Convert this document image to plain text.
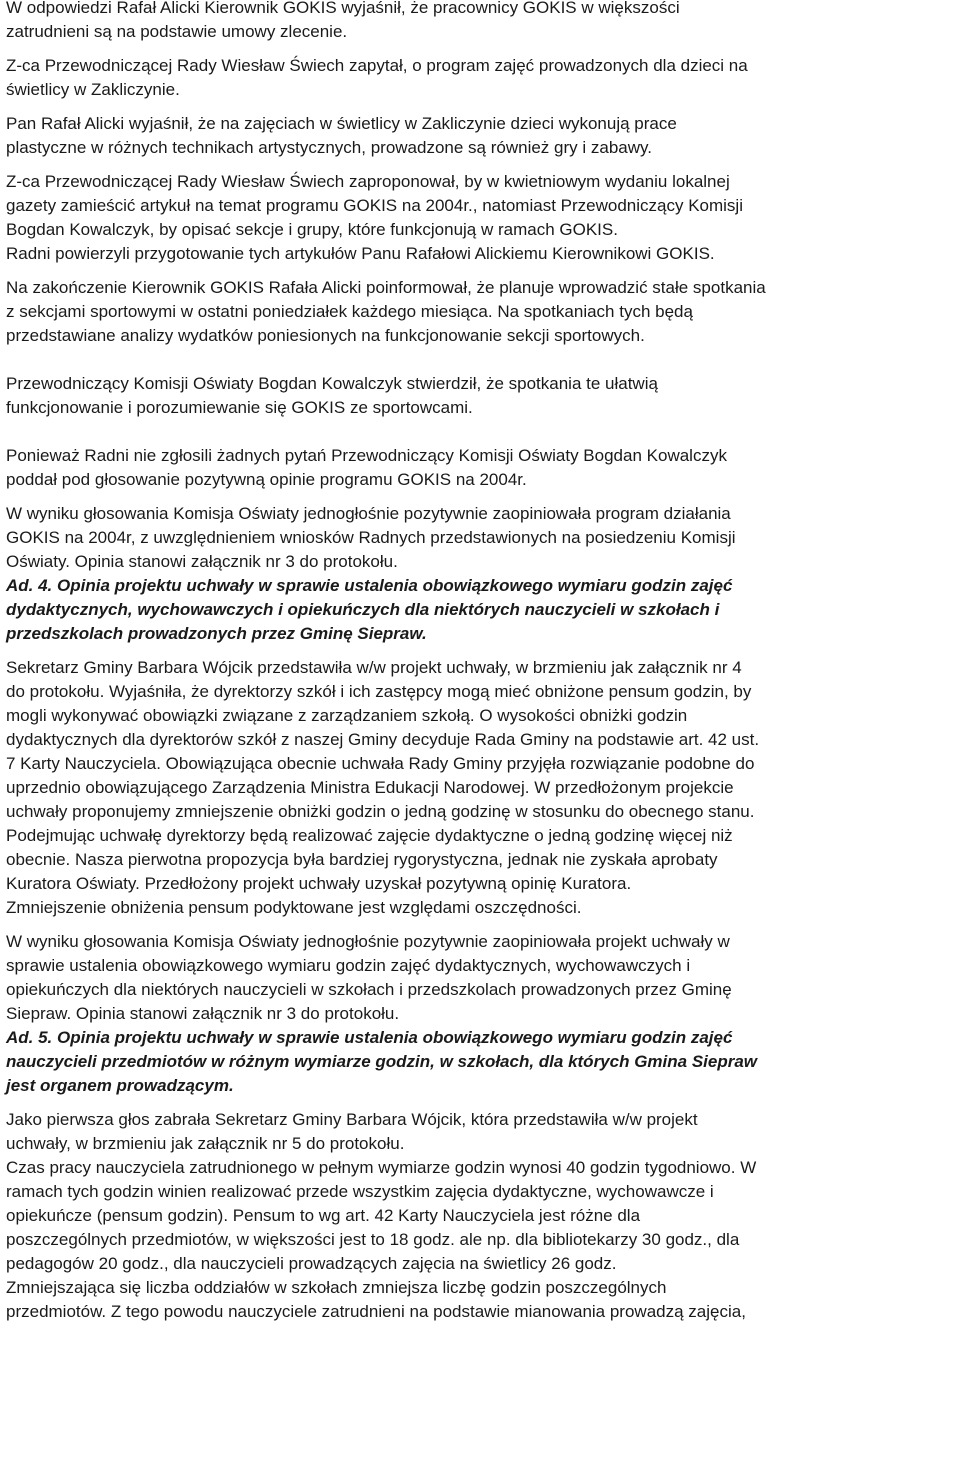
W odpowiedzi Rafał Alicki Kierownik GOKIS wyjaśnił, że pracownicy GOKIS w większości
zatrudnieni są na podstawie umowy zlecenie.

Z-ca Przewodniczącej Rady Wiesław Świech zapytał, o program zajęć prowadzonych dla dzieci na
świetlicy w Zakliczynie.

Pan Rafał Alicki wyjaśnił, że na zajęciach w świetlicy w Zakliczynie dzieci wykonują prace
plastyczne w różnych technikach artystycznych, prowadzone są również gry i zabawy.

Z-ca Przewodniczącej Rady Wiesław Świech zaproponował, by w kwietniowym wydaniu lokalnej
gazety zamieścić artykuł na temat programu GOKIS na 2004r., natomiast Przewodniczący Komisji
Bogdan Kowalczyk, by opisać sekcje i grupy, które funkcjonują w ramach GOKIS.
Radni powierzyli przygotowanie tych artykułów Panu Rafałowi Alickiemu Kierownikowi GOKIS.

Na zakończenie Kierownik GOKIS Rafała Alicki poinformował, że planuje wprowadzić stałe spotkania
z sekcjami sportowymi w ostatni poniedziałek każdego miesiąca. Na spotkaniach tych będą
przedstawiane analizy wydatków poniesionych na funkcjonowanie sekcji sportowych.

Przewodniczący Komisji Oświaty Bogdan Kowalczyk stwierdził, że spotkania te ułatwią
funkcjonowanie i porozumiewanie się GOKIS ze sportowcami.

Ponieważ Radni nie zgłosili żadnych pytań Przewodniczący Komisji Oświaty Bogdan Kowalczyk
poddał pod głosowanie pozytywną opinie programu GOKIS na 2004r.

W wyniku głosowania Komisja Oświaty jednogłośnie pozytywnie zaopiniowała program działania
GOKIS na 2004r, z uwzględnieniem wniosków Radnych przedstawionych na posiedzeniu Komisji
Oświaty. Opinia stanowi załącznik nr 3 do protokołu.

Ad. 4. Opinia projektu uchwały w sprawie ustalenia obowiązkowego wymiaru godzin zajęć
dydaktycznych, wychowawczych i opiekuńczych dla niektórych nauczycieli w szkołach i
przedszkolach prowadzonych przez Gminę Siepraw.

Sekretarz Gminy Barbara Wójcik przedstawiła w/w projekt uchwały, w brzmieniu jak załącznik nr 4
do protokołu. Wyjaśniła, że dyrektorzy szkół i ich zastępcy mogą mieć obniżone pensum godzin, by
mogli wykonywać obowiązki związane z zarządzaniem szkołą. O wysokości obniżki godzin
dydaktycznych dla dyrektorów szkół z naszej Gminy decyduje Rada Gminy na podstawie art. 42 ust.
7 Karty Nauczyciela. Obowiązująca obecnie uchwała Rady Gminy przyjęła rozwiązanie podobne do
uprzednio obowiązującego Zarządzenia Ministra Edukacji Narodowej. W przedłożonym projekcie
uchwały proponujemy zmniejszenie obniżki godzin o jedną godzinę w stosunku do obecnego stanu.
Podejmując uchwałę dyrektorzy będą realizować zajęcie dydaktyczne o jedną godzinę więcej niż
obecnie. Nasza pierwotna propozycja była bardziej rygorystyczna, jednak nie zyskała aprobaty
Kuratora Oświaty. Przedłożony projekt uchwały uzyskał pozytywną opinię Kuratora.
Zmniejszenie obniżenia pensum podyktowane jest względami oszczędności.

W wyniku głosowania Komisja Oświaty jednogłośnie pozytywnie zaopiniowała projekt uchwały w
sprawie ustalenia obowiązkowego wymiaru godzin zajęć dydaktycznych, wychowawczych i
opiekuńczych dla niektórych nauczycieli w szkołach i przedszkolach prowadzonych przez Gminę
Siepraw. Opinia stanowi załącznik nr 3 do protokołu.

Ad. 5. Opinia projektu uchwały w sprawie ustalenia obowiązkowego wymiaru godzin zajęć
nauczycieli przedmiotów w różnym wymiarze godzin, w szkołach, dla których Gmina Siepraw
jest organem prowadzącym.

Jako pierwsza głos zabrała Sekretarz Gminy Barbara Wójcik, która przedstawiła w/w projekt
uchwały, w brzmieniu jak załącznik nr 5 do protokołu.
Czas pracy nauczyciela zatrudnionego w pełnym wymiarze godzin wynosi 40 godzin tygodniowo. W
ramach tych godzin winien realizować przede wszystkim zajęcia dydaktyczne, wychowawcze i
opiekuńcze (pensum godzin). Pensum to wg art. 42 Karty Nauczyciela jest różne dla
poszczególnych przedmiotów, w większości jest to 18 godz. ale np. dla bibliotekarzy 30 godz., dla
pedagogów 20 godz., dla nauczycieli prowadzących zajęcia na świetlicy 26 godz.
Zmniejszająca się liczba oddziałów w szkołach zmniejsza liczbę godzin poszczególnych
przedmiotów. Z tego powodu nauczyciele zatrudnieni na podstawie mianowania prowadzą zajęcia,
